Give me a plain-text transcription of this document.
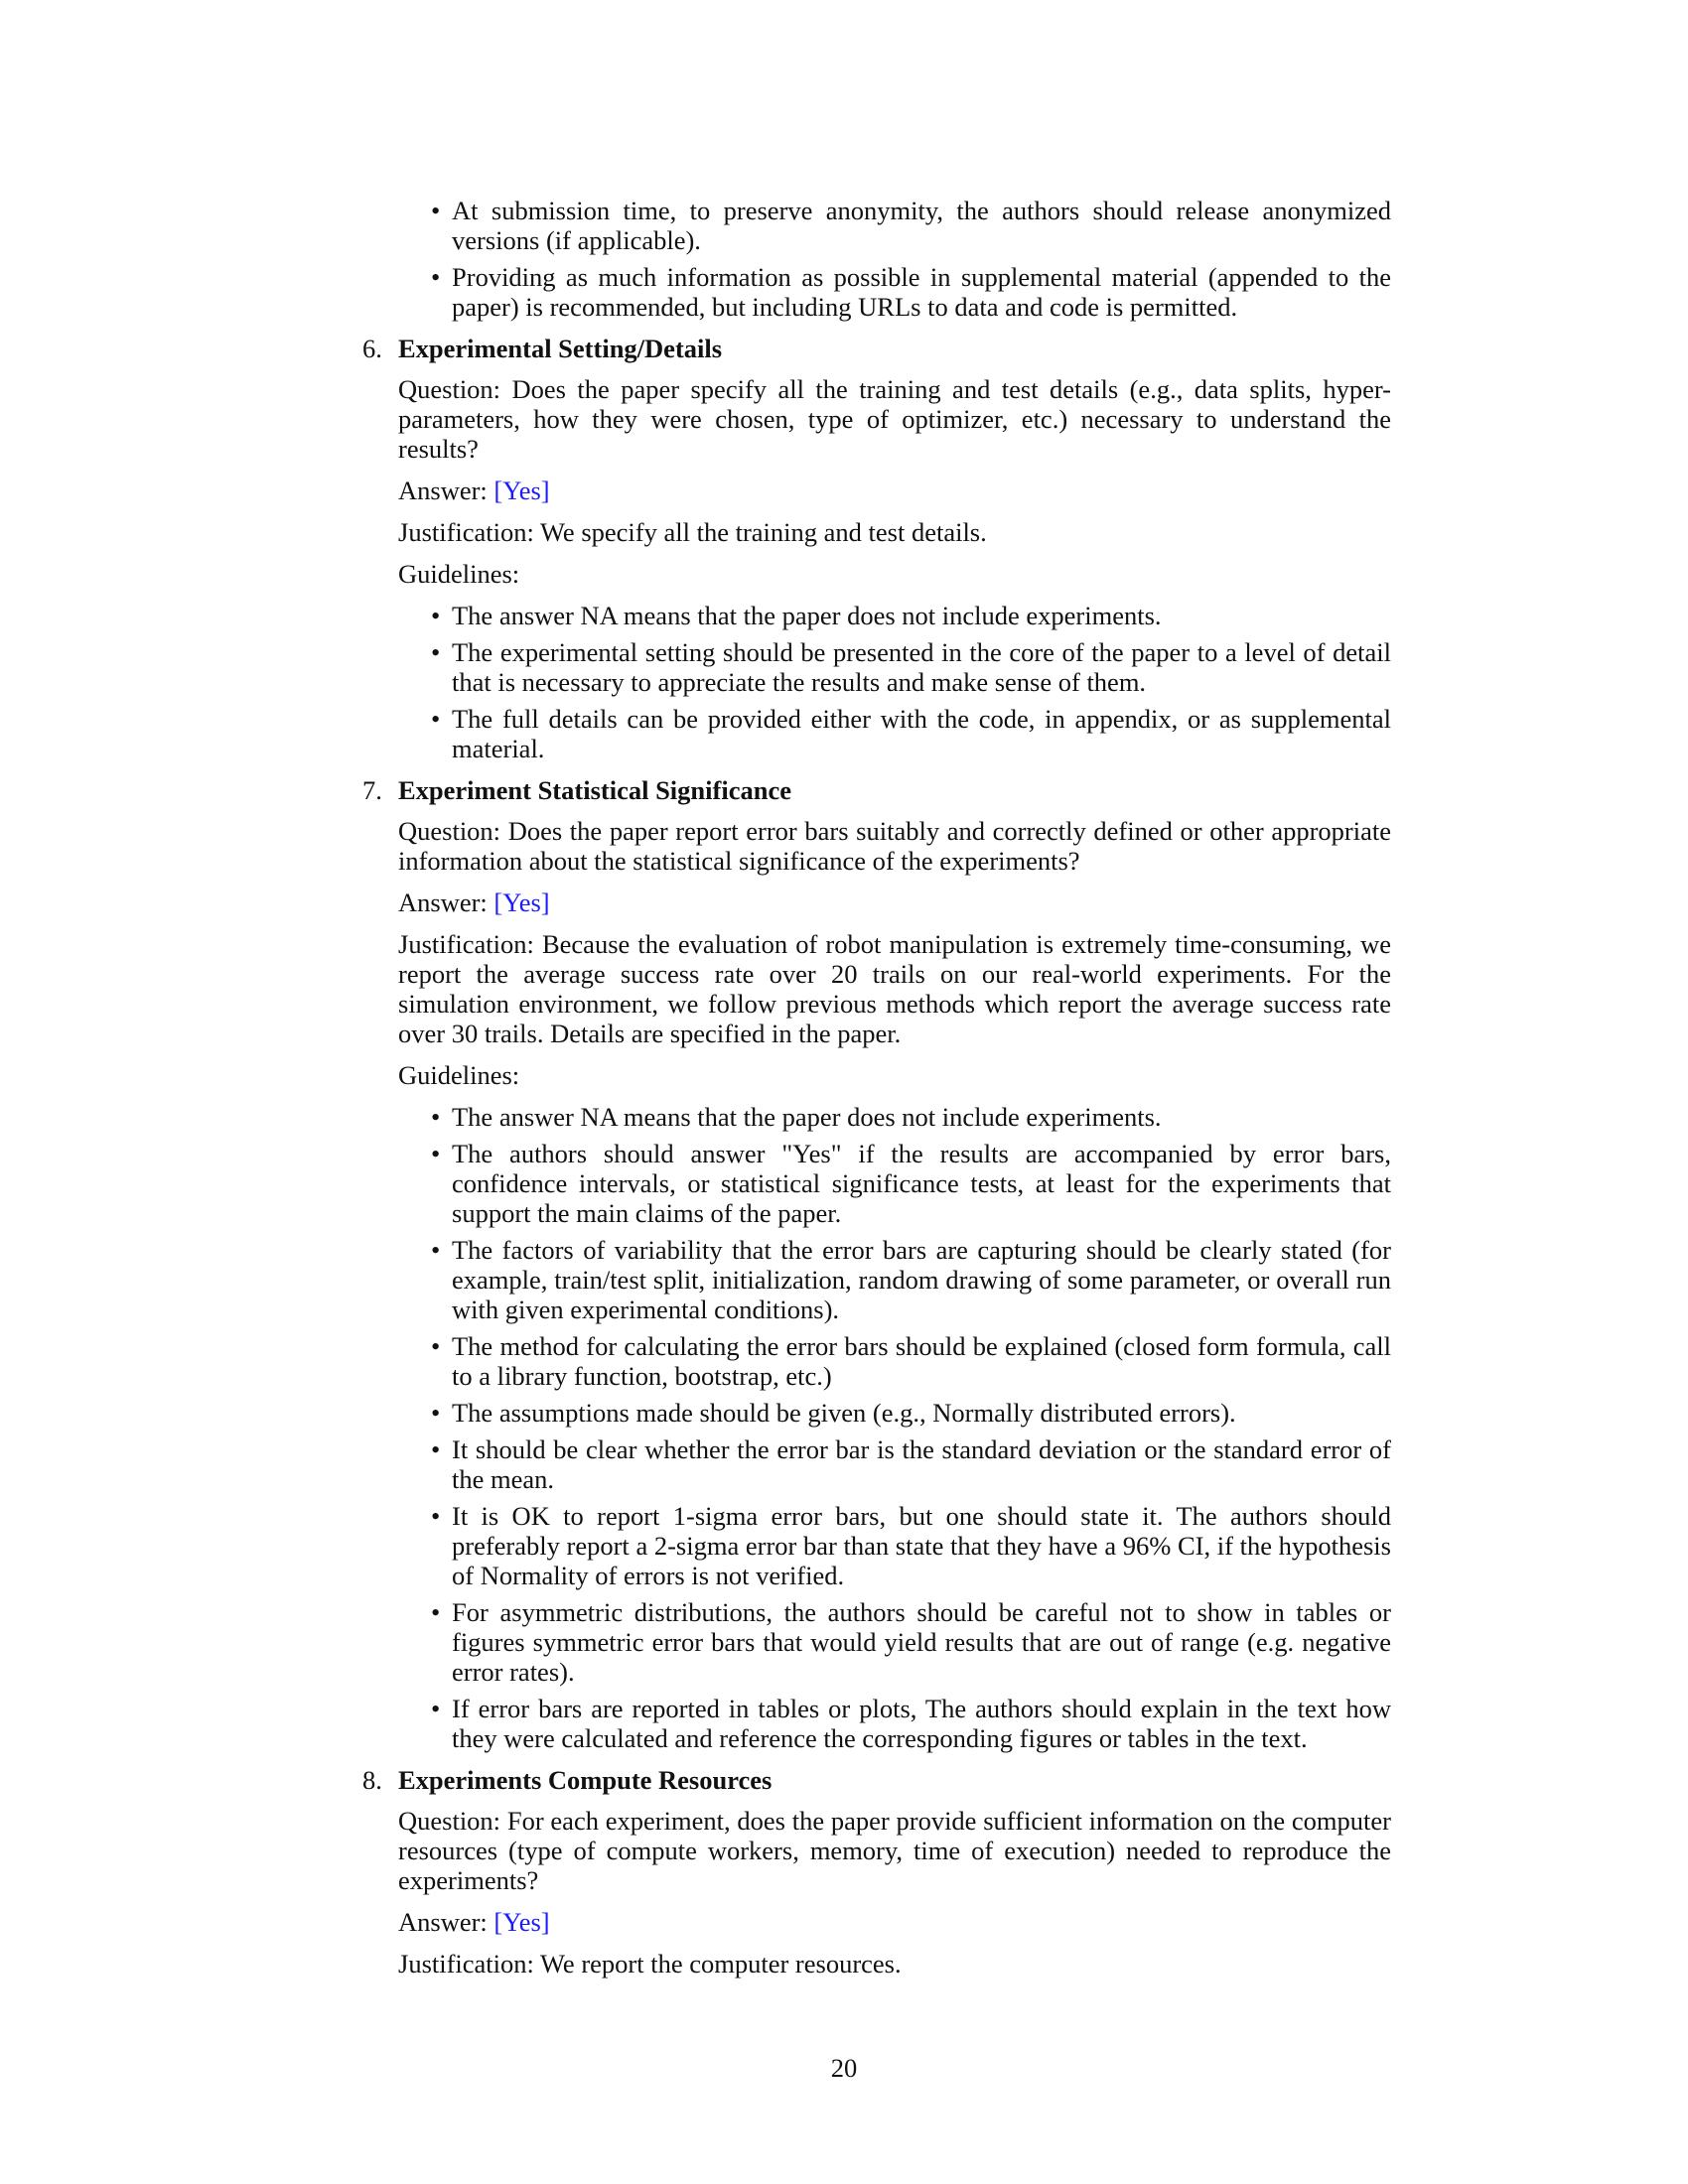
• At submission time, to preserve anonymity, the authors should release anonymized versions (if applicable).
• Providing as much information as possible in supplemental material (appended to the paper) is recommended, but including URLs to data and code is permitted.
6. Experimental Setting/Details

Question: Does the paper specify all the training and test details (e.g., data splits, hyper-parameters, how they were chosen, type of optimizer, etc.) necessary to understand the results?

Answer: [Yes]

Justification: We specify all the training and test details.

Guidelines:

• The answer NA means that the paper does not include experiments.
• The experimental setting should be presented in the core of the paper to a level of detail that is necessary to appreciate the results and make sense of them.
• The full details can be provided either with the code, in appendix, or as supplemental material.
7. Experiment Statistical Significance

Question: Does the paper report error bars suitably and correctly defined or other appropriate information about the statistical significance of the experiments?

Answer: [Yes]

Justification: Because the evaluation of robot manipulation is extremely time-consuming, we report the average success rate over 20 trails on our real-world experiments. For the simulation environment, we follow previous methods which report the average success rate over 30 trails. Details are specified in the paper.

Guidelines:

• The answer NA means that the paper does not include experiments.
• The authors should answer "Yes" if the results are accompanied by error bars, confidence intervals, or statistical significance tests, at least for the experiments that support the main claims of the paper.
• The factors of variability that the error bars are capturing should be clearly stated (for example, train/test split, initialization, random drawing of some parameter, or overall run with given experimental conditions).
• The method for calculating the error bars should be explained (closed form formula, call to a library function, bootstrap, etc.)
• The assumptions made should be given (e.g., Normally distributed errors).
• It should be clear whether the error bar is the standard deviation or the standard error of the mean.
• It is OK to report 1-sigma error bars, but one should state it. The authors should preferably report a 2-sigma error bar than state that they have a 96% CI, if the hypothesis of Normality of errors is not verified.
• For asymmetric distributions, the authors should be careful not to show in tables or figures symmetric error bars that would yield results that are out of range (e.g. negative error rates).
• If error bars are reported in tables or plots, The authors should explain in the text how they were calculated and reference the corresponding figures or tables in the text.
8. Experiments Compute Resources

Question: For each experiment, does the paper provide sufficient information on the computer resources (type of compute workers, memory, time of execution) needed to reproduce the experiments?

Answer: [Yes]

Justification: We report the computer resources.

20
